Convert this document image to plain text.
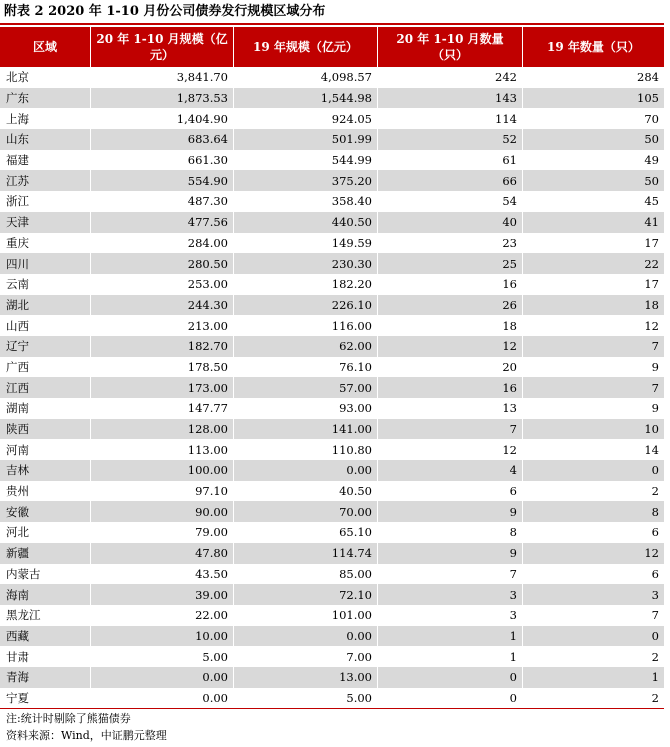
附表 2 2020 年 1-10 月份公司债券发行规模区域分布
区域	20 年 1-10 月规模（亿元）	19 年规模（亿元）	20 年 1-10 月数量（只）	19 年数量（只）
北京	3,841.70	4,098.57	242	284
广东	1,873.53	1,544.98	143	105
上海	1,404.90	924.05	114	70
山东	683.64	501.99	52	50
福建	661.30	544.99	61	49
江苏	554.90	375.20	66	50
浙江	487.30	358.40	54	45
天津	477.56	440.50	40	41
重庆	284.00	149.59	23	17
四川	280.50	230.30	25	22
云南	253.00	182.20	16	17
湖北	244.30	226.10	26	18
山西	213.00	116.00	18	12
辽宁	182.70	62.00	12	7
广西	178.50	76.10	20	9
江西	173.00	57.00	16	7
湖南	147.77	93.00	13	9
陕西	128.00	141.00	7	10
河南	113.00	110.80	12	14
吉林	100.00	0.00	4	0
贵州	97.10	40.50	6	2
安徽	90.00	70.00	9	8
河北	79.00	65.10	8	6
新疆	47.80	114.74	9	12
内蒙古	43.50	85.00	7	6
海南	39.00	72.10	3	3
黑龙江	22.00	101.00	3	7
西藏	10.00	0.00	1	0
甘肃	5.00	7.00	1	2
青海	0.00	13.00	0	1
宁夏	0.00	5.00	0	2
注:统计时剔除了熊猫债券
资料来源：Wind，中证鹏元整理
